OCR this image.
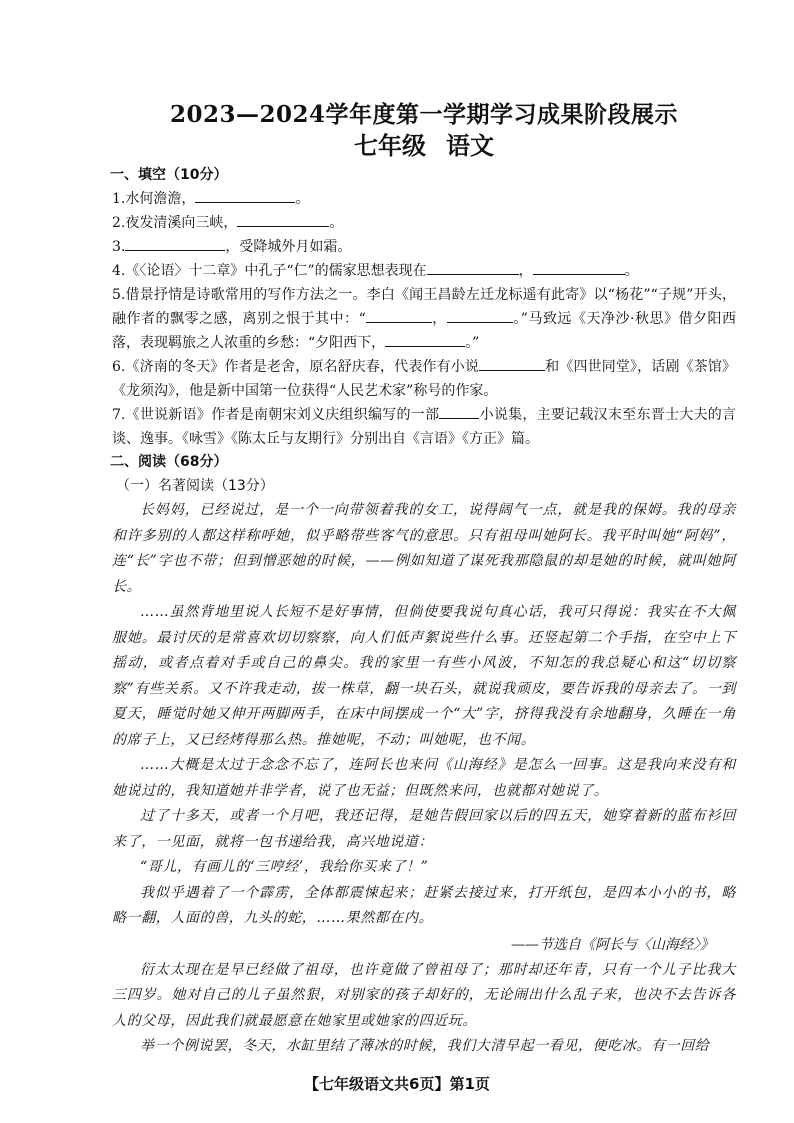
2023—2024学年度第一学期学习成果阶段展示
七年级 语文
一、填空（10分）
1.水何澹澹，	。
2.夜发清溪向三峡，	。
3.	，受降城外月如霜。
4.《〈论语〉十二章》中孔子“仁”的儒家思想表现在	，	。
5.借景抒情是诗歌常用的写作方法之一。李白《闻王昌龄左迁龙标遥有此寄》以“杨花”“子规”开头，融作者的飘零之感，离别之恨于其中：“	，	。”马致远《天净沙·秋思》借夕阳西落，表现羁旅之人浓重的乡愁：“夕阳西下，	。”
6.《济南的冬天》作者是老舍，原名舒庆春，代表作有小说	和《四世同堂》，话剧《茶馆》《龙须沟》，他是新中国第一位获得“人民艺术家”称号的作家。
7.《世说新语》作者是南朝宋刘义庆组织编写的一部	小说集，主要记载汉末至东晋士大夫的言谈、逸事。《咏雪》《陈太丘与友期行》分别出自《言语》《方正》篇。
二、阅读（68分）
（一）名著阅读（13分）

长妈妈，已经说过，是一个一向带领着我的女工，说得阔气一点，就是我的保姆。我的母亲和许多别的人都这样称呼她，似乎略带些客气的意思。只有祖母叫她阿长。我平时叫她“阿妈”，连“长”字也不带；但到憎恶她的时候，——例如知道了谋死我那隐鼠的却是她的时候，就叫她阿长。

……虽然背地里说人长短不是好事情，但倘使要我说句真心话，我可只得说：我实在不大佩服她。最讨厌的是常喜欢切切察察，向人们低声絮说些什么事。还竖起第二个手指，在空中上下摇动，或者点着对手或自己的鼻尖。我的家里一有些小风波，不知怎的我总疑心和这“切切察察”有些关系。又不许我走动，拔一株草，翻一块石头，就说我顽皮，要告诉我的母亲去了。一到夏天，睡觉时她又伸开两脚两手，在床中间摆成一个“大”字，挤得我没有余地翻身，久睡在一角的席子上，又已经烤得那么热。推她呢，不动；叫她呢，也不闻。

……大概是太过于念念不忘了，连阿长也来问《山海经》是怎么一回事。这是我向来没有和她说过的，我知道她并非学者，说了也无益；但既然来问，也就都对她说了。

过了十多天，或者一个月吧，我还记得，是她告假回家以后的四五天，她穿着新的蓝布衫回来了，一见面，就将一包书递给我，高兴地说道：

“哥儿，有画儿的‘三哼经’，我给你买来了！”

我似乎遇着了一个霹雳，全体都震悚起来；赶紧去接过来，打开纸包，是四本小小的书，略略一翻，人面的兽，九头的蛇，……果然都在内。

——节选自《阿长与〈山海经〉》

衍太太现在是早已经做了祖母，也许竟做了曾祖母了；那时却还年青，只有一个儿子比我大三四岁。她对自己的儿子虽然狠，对别家的孩子却好的，无论闹出什么乱子来，也决不去告诉各人的父母，因此我们就最愿意在她家里或她家的四近玩。

举一个例说罢，冬天，水缸里结了薄冰的时候，我们大清早起一看见，便吃冰。有一回给

【七年级语文共6页】第1页
